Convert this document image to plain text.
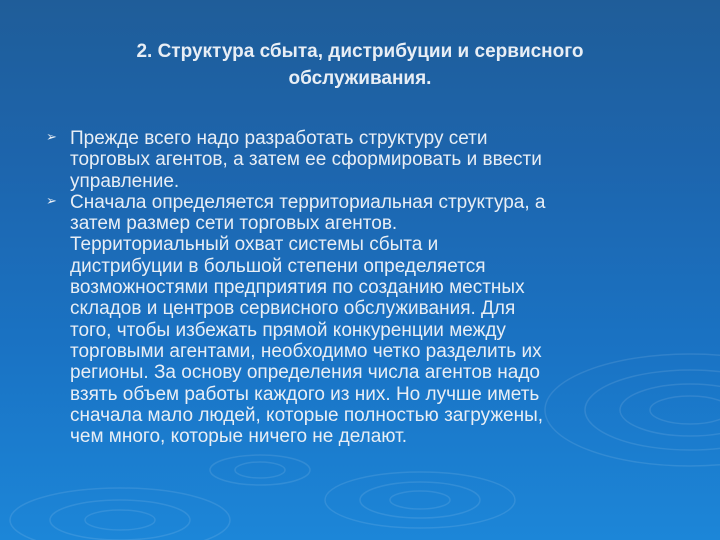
2. Структура сбыта, дистрибуции и сервисного
обслуживания.
➢ Прежде всего надо разработать структуру сети
торговых агентов, а затем ее сформировать и ввести
управление.
➢ Сначала определяется территориальная структура, а
затем размер сети торговых агентов.
Территориальный охват системы сбыта и
дистрибуции в большой степени определяется
возможностями предприятия по созданию местных
складов и центров сервисного обслуживания. Для
того, чтобы избежать прямой конкуренции между
торговыми агентами, необходимо четко разделить их
регионы. За основу определения числа агентов надо
взять объем работы каждого из них. Но лучше иметь
сначала мало людей, которые полностью загружены,
чем много, которые ничего не делают.
